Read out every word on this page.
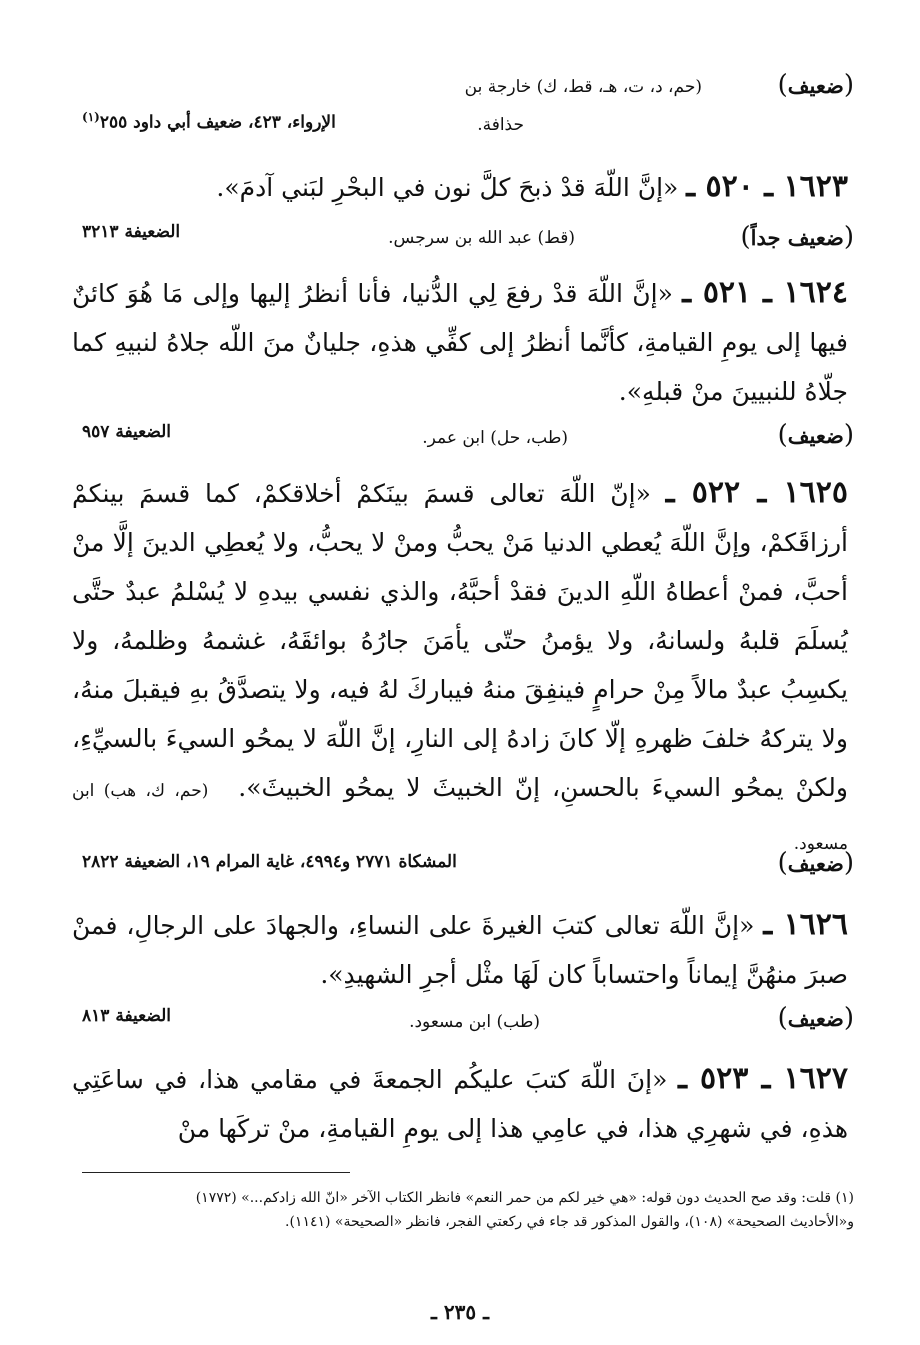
(ضعيف)
(حم، د، ت، هـ، قط، ك) خارجة بن
حذافة.
الإرواء، ٤٢٣، ضعيف أبي داود ٢٥٥$^{(١)}$
١٦٢٣ ـ ٥٢٠ ـ «إنَّ اللّهَ قدْ ذبحَ كلَّ نون في البحْرِ لبَني آدمَ».
(ضعيف جداً)
(قط) عبد الله بن سرجس.
الضعيفة ٣٢١٣
١٦٢٤ ـ ٥٢١ ـ «إنَّ اللّهَ قدْ رفعَ لِي الدُّنيا، فأنا أنظرُ إليها وإلى مَا هُوَ كائنٌ فيها إلى يومِ القيامةِ، كأنَّما أنظرُ إلى كفِّي هذهِ، جليانٌ منَ اللّه جلاهُ لنبيهِ كما جلّاهُ للنبيينَ منْ قبلهِ».
(ضعيف)
(طب، حل) ابن عمر.
الضعيفة ٩٥٧
١٦٢٥ ـ ٥٢٢ ـ «إنّ اللّهَ تعالى قسمَ بينَكمْ أخلاقكمْ، كما قسمَ بينكمْ أرزاقَكمْ، وإنَّ اللّهَ يُعطي الدنيا مَنْ يحبُّ ومنْ لا يحبُّ، ولا يُعطِي الدينَ إلَّا منْ أحبَّ، فمنْ أعطاهُ اللّهِ الدينَ فقدْ أحبَّهُ، والذي نفسي بيدهِ لا يُسْلمُ عبدٌ حتَّى يُسلَمَ قلبهُ ولسانهُ، ولا يؤمنُ حتّى يأمَنَ جارُهُ بوائقَهُ، غشمهُ وظلمهُ، ولا يكسِبُ عبدٌ مالاً مِنْ حرامٍ فينفِقَ منهُ فيباركَ لهُ فيه، ولا يتصدَّقُ بهِ فيقبلَ منهُ، ولا يتركهُ خلفَ ظهرهِ إلّا كانَ زادهُ إلى النارِ، إنَّ اللّهَ لا يمحُو السيءَ بالسيِّءِ، ولكنْ يمحُو السيءَ بالحسنِ، إنّ الخبيثَ لا يمحُو الخبيثَ». (حم، ك، هب) ابن مسعود.
(ضعيف)
المشكاة ٢٧٧١ و٤٩٩٤، غاية المرام ١٩، الضعيفة ٢٨٢٢
١٦٢٦ ـ «إنَّ اللّهَ تعالى كتبَ الغيرةَ على النساءِ، والجهادَ على الرجالِ، فمنْ صبرَ منهُنَّ إيماناً واحتساباً كان لَهَا مثْل أجرِ الشهيدِ».
(ضعيف)
(طب) ابن مسعود.
الضعيفة ٨١٣
١٦٢٧ ـ ٥٢٣ ـ «إنَ اللّهَ كتبَ عليكُم الجمعةَ في مقامي هذا، في ساعَتِي هذهِ، في شهرِي هذا، في عامِي هذا إلى يومِ القيامةِ، منْ تركَها منْ
(١) قلت: وقد صح الحديث دون قوله: «هي خير لكم من حمر النعم» فانظر الكتاب الآخر «انّ الله زادكم...» (١٧٧٢)
و«الأحاديث الصحيحة» (١٠٨)، والقول المذكور قد جاء في ركعتي الفجر، فانظر «الصحيحة» (١١٤١).
ـ ٢٣٥ ـ
